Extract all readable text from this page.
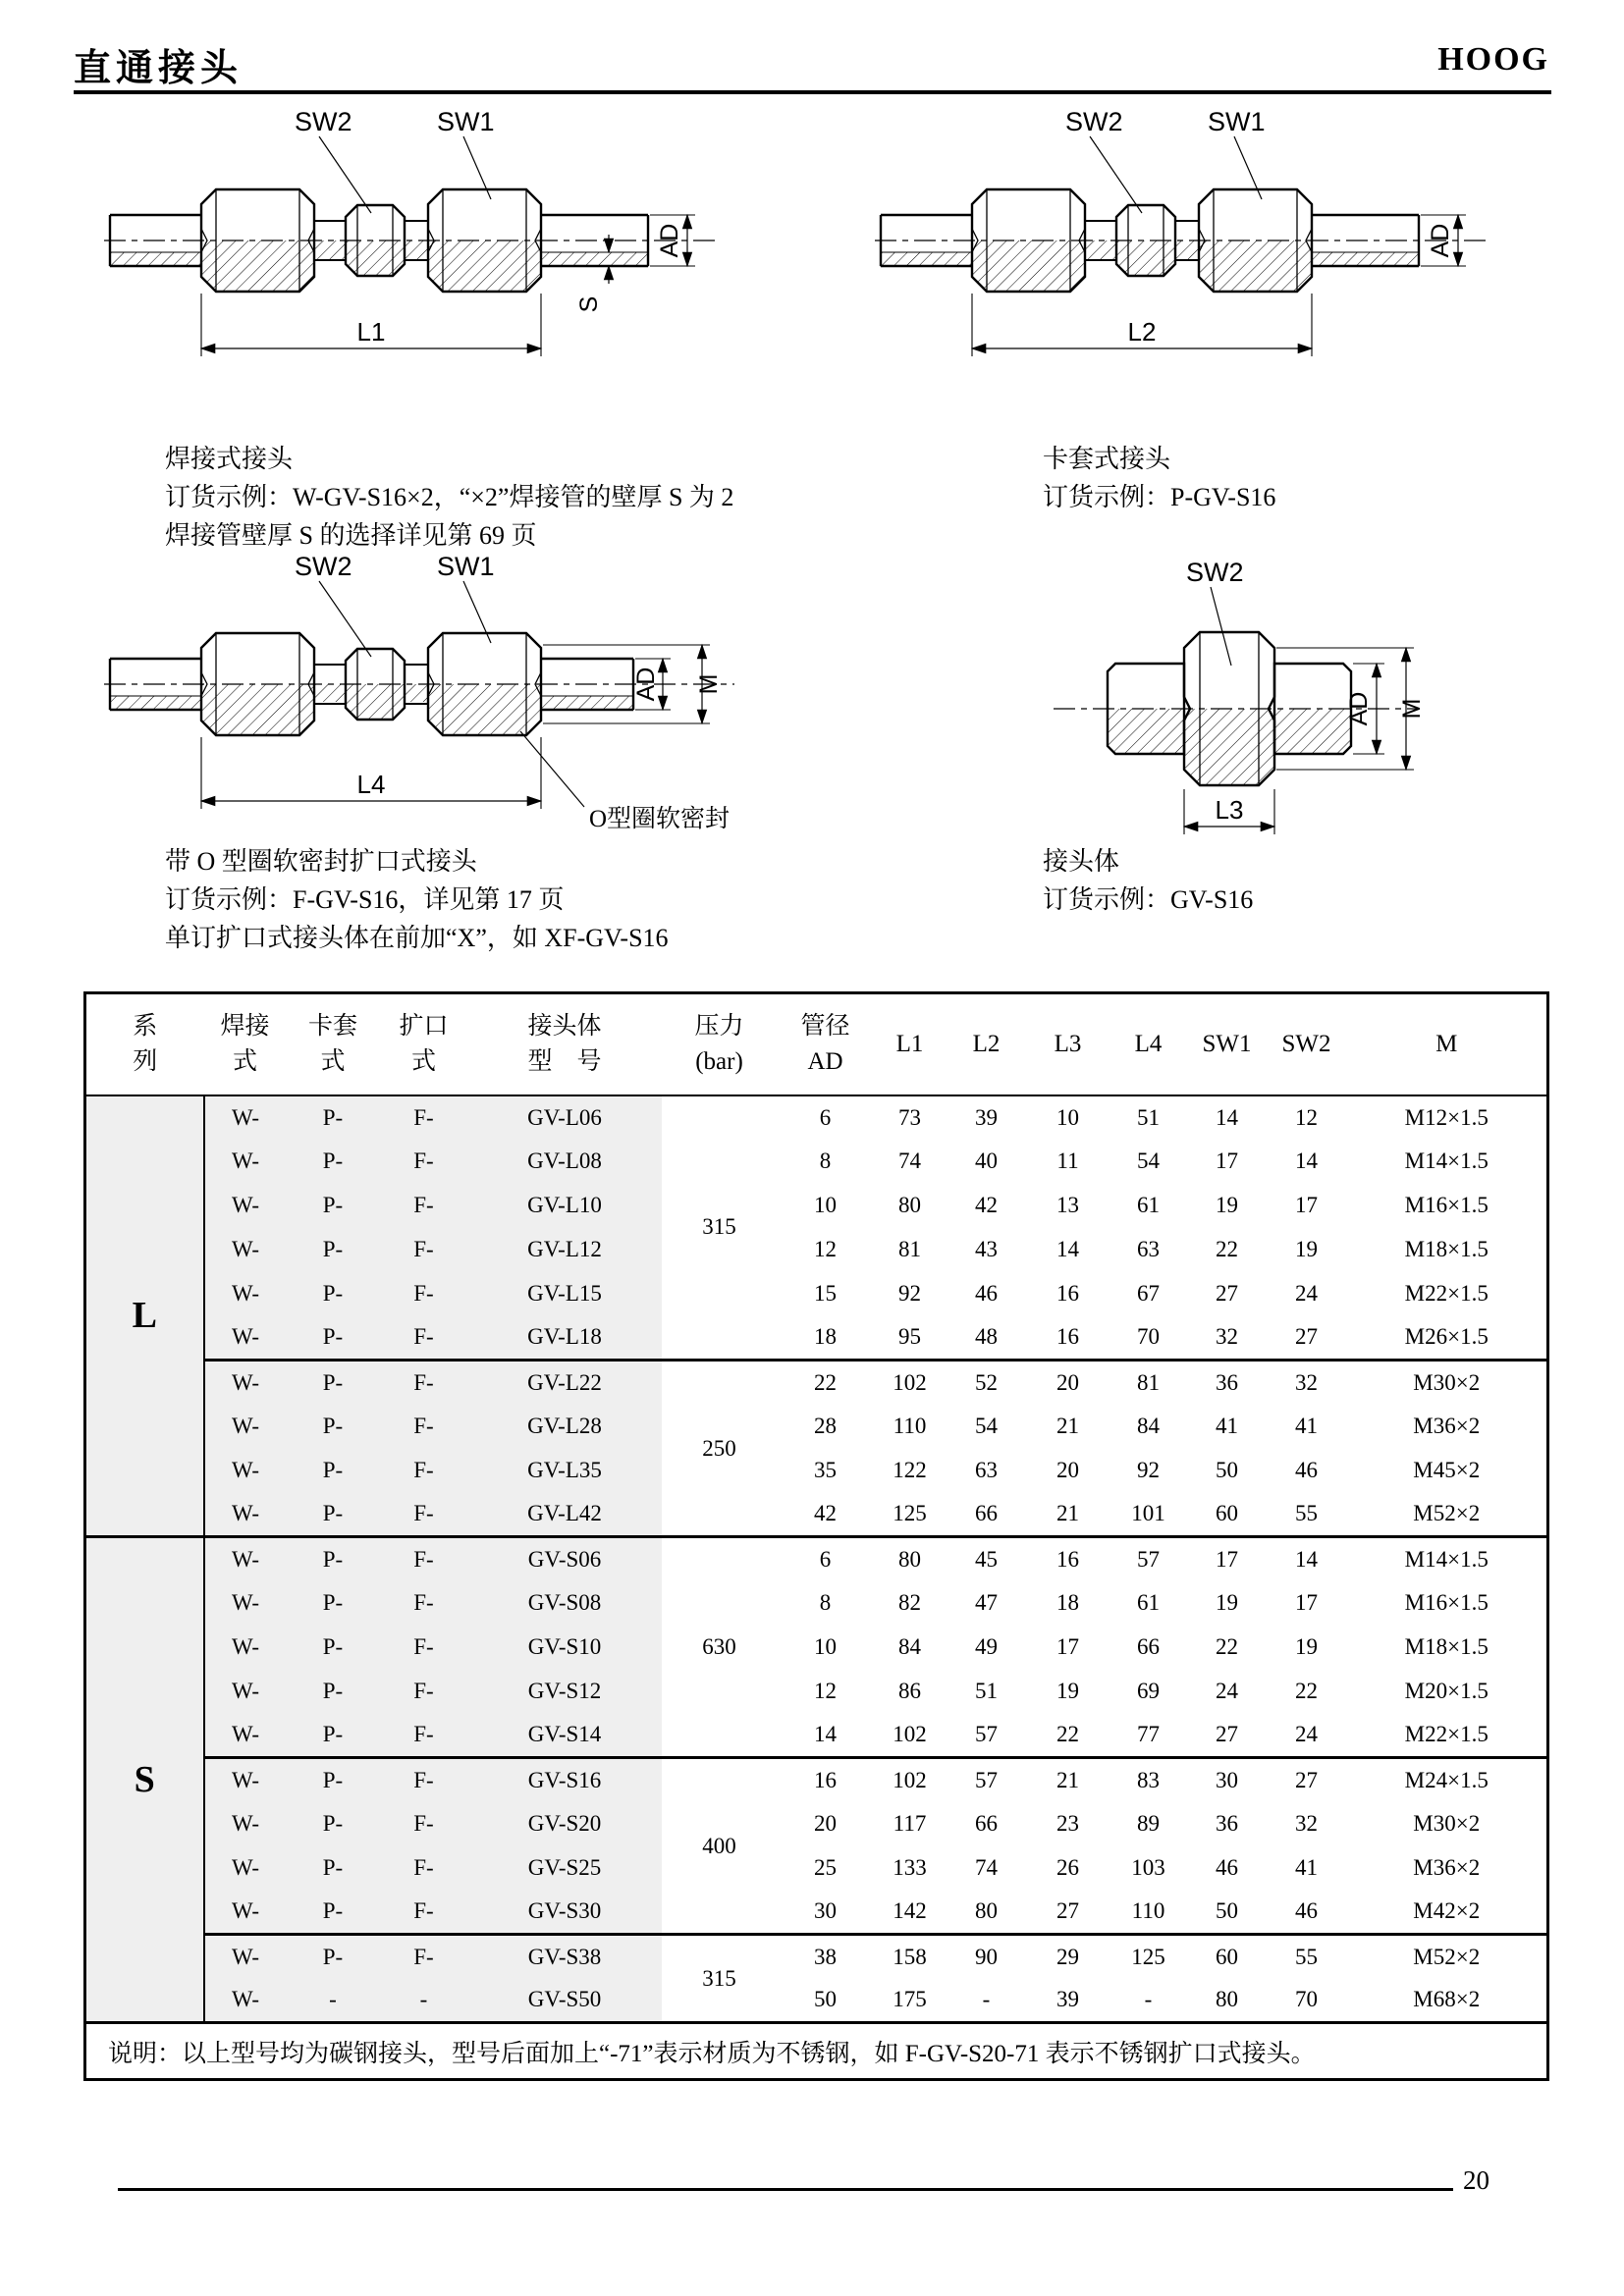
直通接头	HOOG
SW2	SW1
L1
AD
S
SW2	SW1
L2
AD
焊接式接头
订货示例：W-GV-S16×2，“×2”焊接管的壁厚 S 为 2
焊接管壁厚 S 的选择详见第 69 页
卡套式接头
订货示例：P-GV-S16
SW2	SW1
L4
AD M
O型圈软密封
SW2
AD M
L3
带 O 型圈软密封扩口式接头
订货示例：F-GV-S16，详见第 17 页
单订扩口式接头体在前加“X”，如 XF-GV-S16
接头体
订货示例：GV-S16
系
列

焊接
式

卡套
式

扩口
式

接头体
型　号

压力
(bar)

管径
AD

L1	L2	L3	L4	SW1	SW2	M

L	W-	P-	F-	GV-L06	315	6	73	39	10	51	14	12	M12×1.5
	W-	P-	F-	GV-L08		8	74	40	11	54	17	14	M14×1.5
	W-	P-	F-	GV-L10		10	80	42	13	61	19	17	M16×1.5
	W-	P-	F-	GV-L12		12	81	43	14	63	22	19	M18×1.5
	W-	P-	F-	GV-L15		15	92	46	16	67	27	24	M22×1.5
	W-	P-	F-	GV-L18		18	95	48	16	70	32	27	M26×1.5
	W-	P-	F-	GV-L22	250	22	102	52	20	81	36	32	M30×2
	W-	P-	F-	GV-L28		28	110	54	21	84	41	41	M36×2
	W-	P-	F-	GV-L35		35	122	63	20	92	50	46	M45×2
	W-	P-	F-	GV-L42		42	125	66	21	101	60	55	M52×2
S	W-	P-	F-	GV-S06	630	6	80	45	16	57	17	14	M14×1.5
	W-	P-	F-	GV-S08		8	82	47	18	61	19	17	M16×1.5
	W-	P-	F-	GV-S10		10	84	49	17	66	22	19	M18×1.5
	W-	P-	F-	GV-S12		12	86	51	19	69	24	22	M20×1.5
	W-	P-	F-	GV-S14		14	102	57	22	77	27	24	M22×1.5
	W-	P-	F-	GV-S16	400	16	102	57	21	83	30	27	M24×1.5
	W-	P-	F-	GV-S20		20	117	66	23	89	36	32	M30×2
	W-	P-	F-	GV-S25		25	133	74	26	103	46	41	M36×2
	W-	P-	F-	GV-S30		30	142	80	27	110	50	46	M42×2
	W-	P-	F-	GV-S38	315	38	158	90	29	125	60	55	M52×2
	W-	-	-	GV-S50		50	175	-	39	-	80	70	M68×2
说明：以上型号均为碳钢接头，型号后面加上“-71”表示材质为不锈钢，如 F-GV-S20-71 表示不锈钢扩口式接头。													
20
